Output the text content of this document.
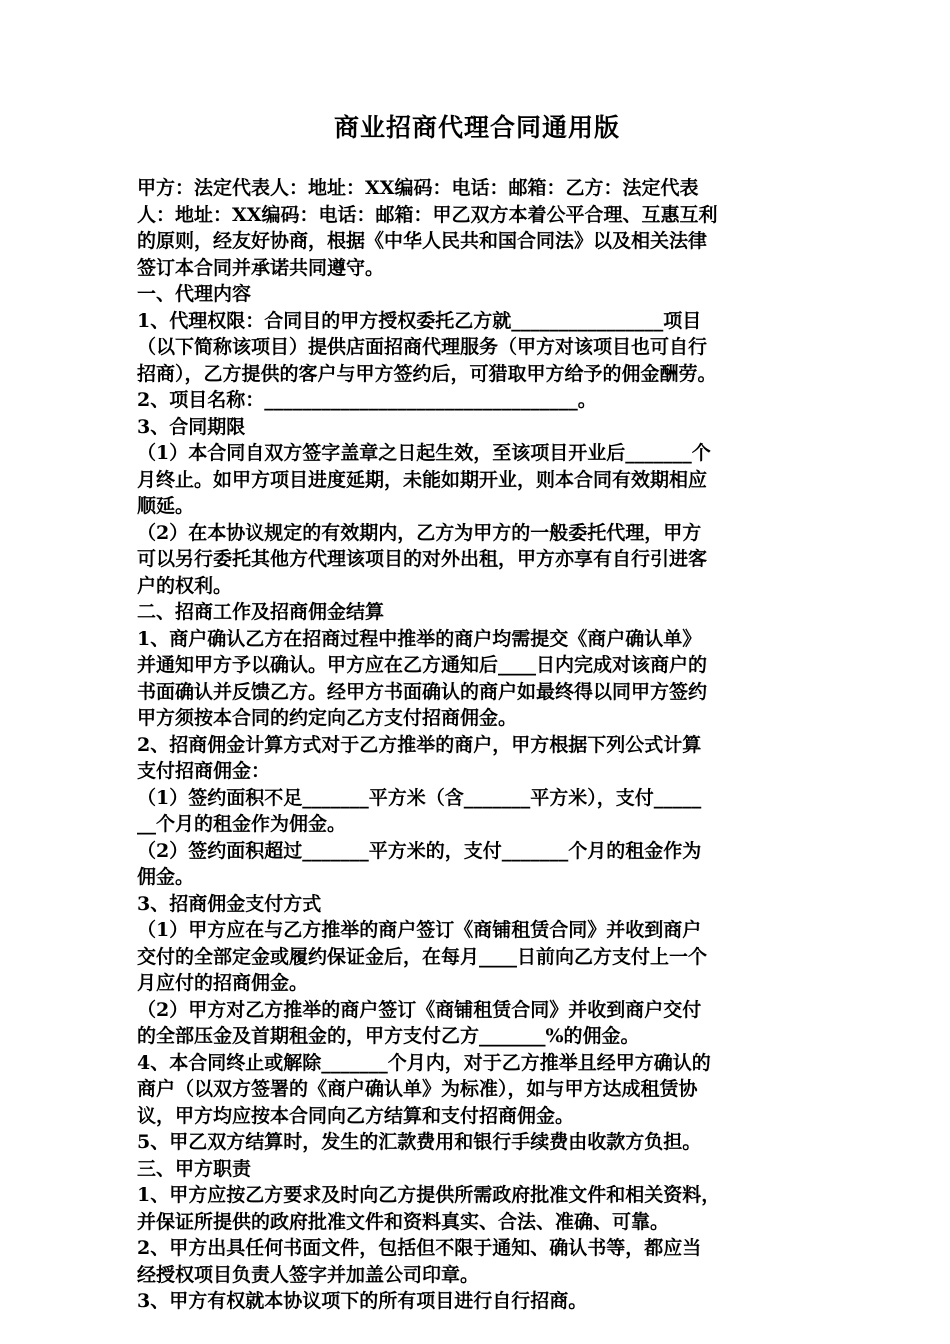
商业招商代理合同通用版
甲方：法定代表人：地址：XX编码：电话：邮箱：乙方：法定代表
人：地址：XX编码：电话：邮箱：甲乙双方本着公平合理、互惠互利
的原则，经友好协商，根据《中华人民共和国合同法》以及相关法律
签订本合同并承诺共同遵守。
一、代理内容
1、代理权限：合同目的甲方授权委托乙方就________________项目
（以下简称该项目）提供店面招商代理服务（甲方对该项目也可自行
招商），乙方提供的客户与甲方签约后，可猎取甲方给予的佣金酬劳。
2、项目名称：_________________________________。
3、合同期限
（1）本合同自双方签字盖章之日起生效，至该项目开业后_______个
月终止。如甲方项目进度延期，未能如期开业，则本合同有效期相应
顺延。
（2）在本协议规定的有效期内，乙方为甲方的一般委托代理，甲方
可以另行委托其他方代理该项目的对外出租，甲方亦享有自行引进客
户的权利。
二、招商工作及招商佣金结算
1、商户确认乙方在招商过程中推举的商户均需提交《商户确认单》
并通知甲方予以确认。甲方应在乙方通知后____日内完成对该商户的
书面确认并反馈乙方。经甲方书面确认的商户如最终得以同甲方签约
甲方须按本合同的约定向乙方支付招商佣金。
2、招商佣金计算方式对于乙方推举的商户，甲方根据下列公式计算
支付招商佣金：
（1）签约面积不足_______平方米（含_______平方米），支付_____
__个月的租金作为佣金。
（2）签约面积超过_______平方米的，支付_______个月的租金作为
佣金。
3、招商佣金支付方式
（1）甲方应在与乙方推举的商户签订《商铺租赁合同》并收到商户
交付的全部定金或履约保证金后，在每月____日前向乙方支付上一个
月应付的招商佣金。
（2）甲方对乙方推举的商户签订《商铺租赁合同》并收到商户交付
的全部压金及首期租金的，甲方支付乙方_______%的佣金。
4、本合同终止或解除_______个月内，对于乙方推举且经甲方确认的
商户（以双方签署的《商户确认单》为标准），如与甲方达成租赁协
议，甲方均应按本合同向乙方结算和支付招商佣金。
5、甲乙双方结算时，发生的汇款费用和银行手续费由收款方负担。
三、甲方职责
1、甲方应按乙方要求及时向乙方提供所需政府批准文件和相关资料，
并保证所提供的政府批准文件和资料真实、合法、准确、可靠。
2、甲方出具任何书面文件，包括但不限于通知、确认书等，都应当
经授权项目负责人签字并加盖公司印章。
3、甲方有权就本协议项下的所有项目进行自行招商。
